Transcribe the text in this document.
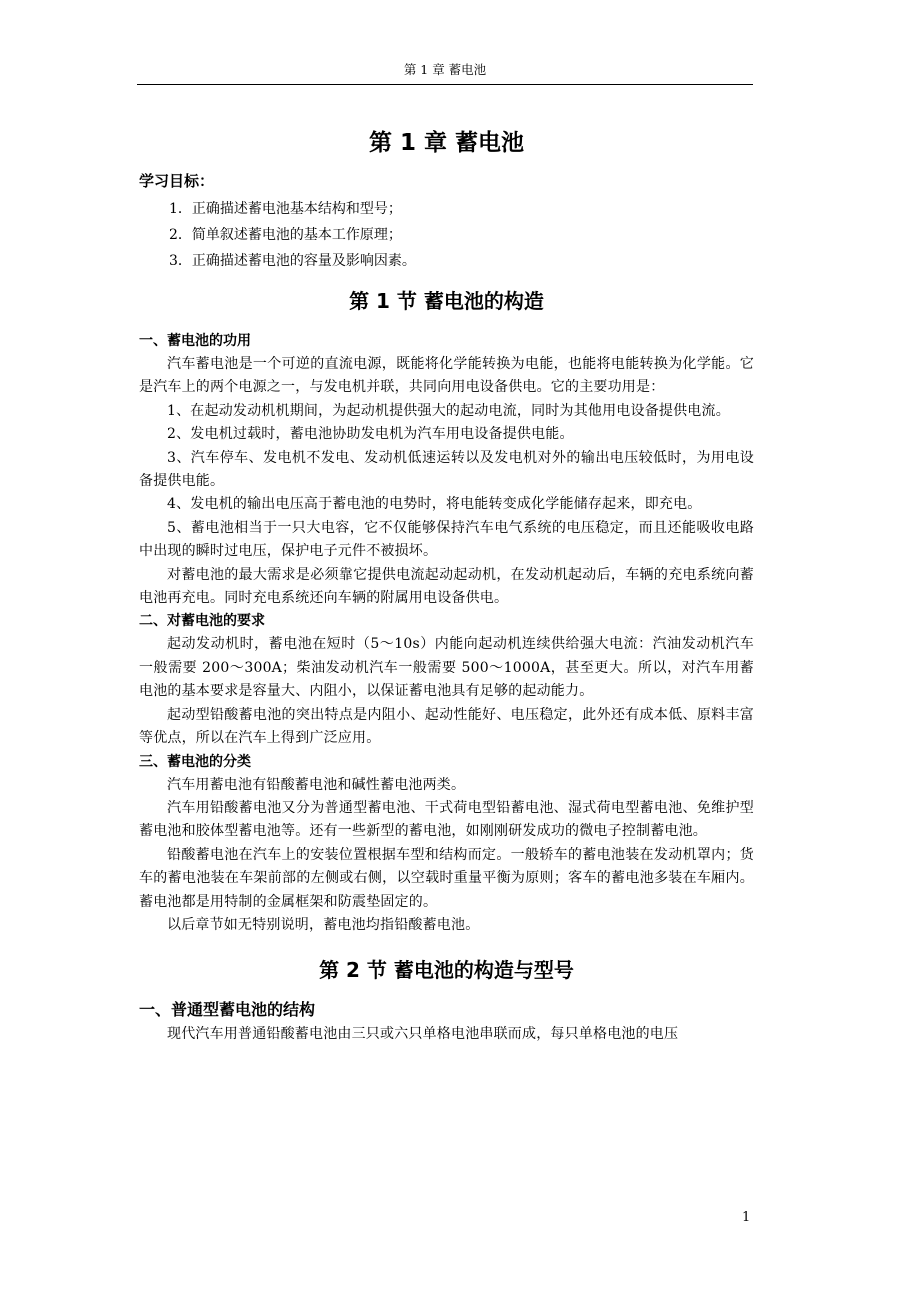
第 1 章 蓄电池
第 1 章 蓄电池
学习目标：
1．正确描述蓄电池基本结构和型号；
2．简单叙述蓄电池的基本工作原理；
3．正确描述蓄电池的容量及影响因素。
第 1 节 蓄电池的构造
一、蓄电池的功用

汽车蓄电池是一个可逆的直流电源，既能将化学能转换为电能，也能将电能转换为化学能。它是汽车上的两个电源之一，与发电机并联，共同向用电设备供电。它的主要功用是：

1、在起动发动机机期间，为起动机提供强大的起动电流，同时为其他用电设备提供电流。

2、发电机过载时，蓄电池协助发电机为汽车用电设备提供电能。

3、汽车停车、发电机不发电、发动机低速运转以及发电机对外的输出电压较低时，为用电设备提供电能。

4、发电机的输出电压高于蓄电池的电势时，将电能转变成化学能储存起来，即充电。

5、蓄电池相当于一只大电容，它不仅能够保持汽车电气系统的电压稳定，而且还能吸收电路中出现的瞬时过电压，保护电子元件不被损坏。

对蓄电池的最大需求是必须靠它提供电流起动起动机，在发动机起动后，车辆的充电系统向蓄电池再充电。同时充电系统还向车辆的附属用电设备供电。

二、对蓄电池的要求

起动发动机时，蓄电池在短时（5～10s）内能向起动机连续供给强大电流：汽油发动机汽车一般需要 200～300A；柴油发动机汽车一般需要 500～1000A，甚至更大。所以，对汽车用蓄电池的基本要求是容量大、内阻小，以保证蓄电池具有足够的起动能力。

起动型铅酸蓄电池的突出特点是内阻小、起动性能好、电压稳定，此外还有成本低、原料丰富等优点，所以在汽车上得到广泛应用。

三、蓄电池的分类

汽车用蓄电池有铅酸蓄电池和碱性蓄电池两类。

汽车用铅酸蓄电池又分为普通型蓄电池、干式荷电型铅蓄电池、湿式荷电型蓄电池、免维护型蓄电池和胶体型蓄电池等。还有一些新型的蓄电池，如刚刚研发成功的微电子控制蓄电池。

铅酸蓄电池在汽车上的安装位置根据车型和结构而定。一般轿车的蓄电池装在发动机罩内；货车的蓄电池装在车架前部的左侧或右侧，以空载时重量平衡为原则；客车的蓄电池多装在车厢内。蓄电池都是用特制的金属框架和防震垫固定的。

以后章节如无特别说明，蓄电池均指铅酸蓄电池。

第 2 节 蓄电池的构造与型号
一、普通型蓄电池的结构

现代汽车用普通铅酸蓄电池由三只或六只单格电池串联而成，每只单格电池的电压

1
